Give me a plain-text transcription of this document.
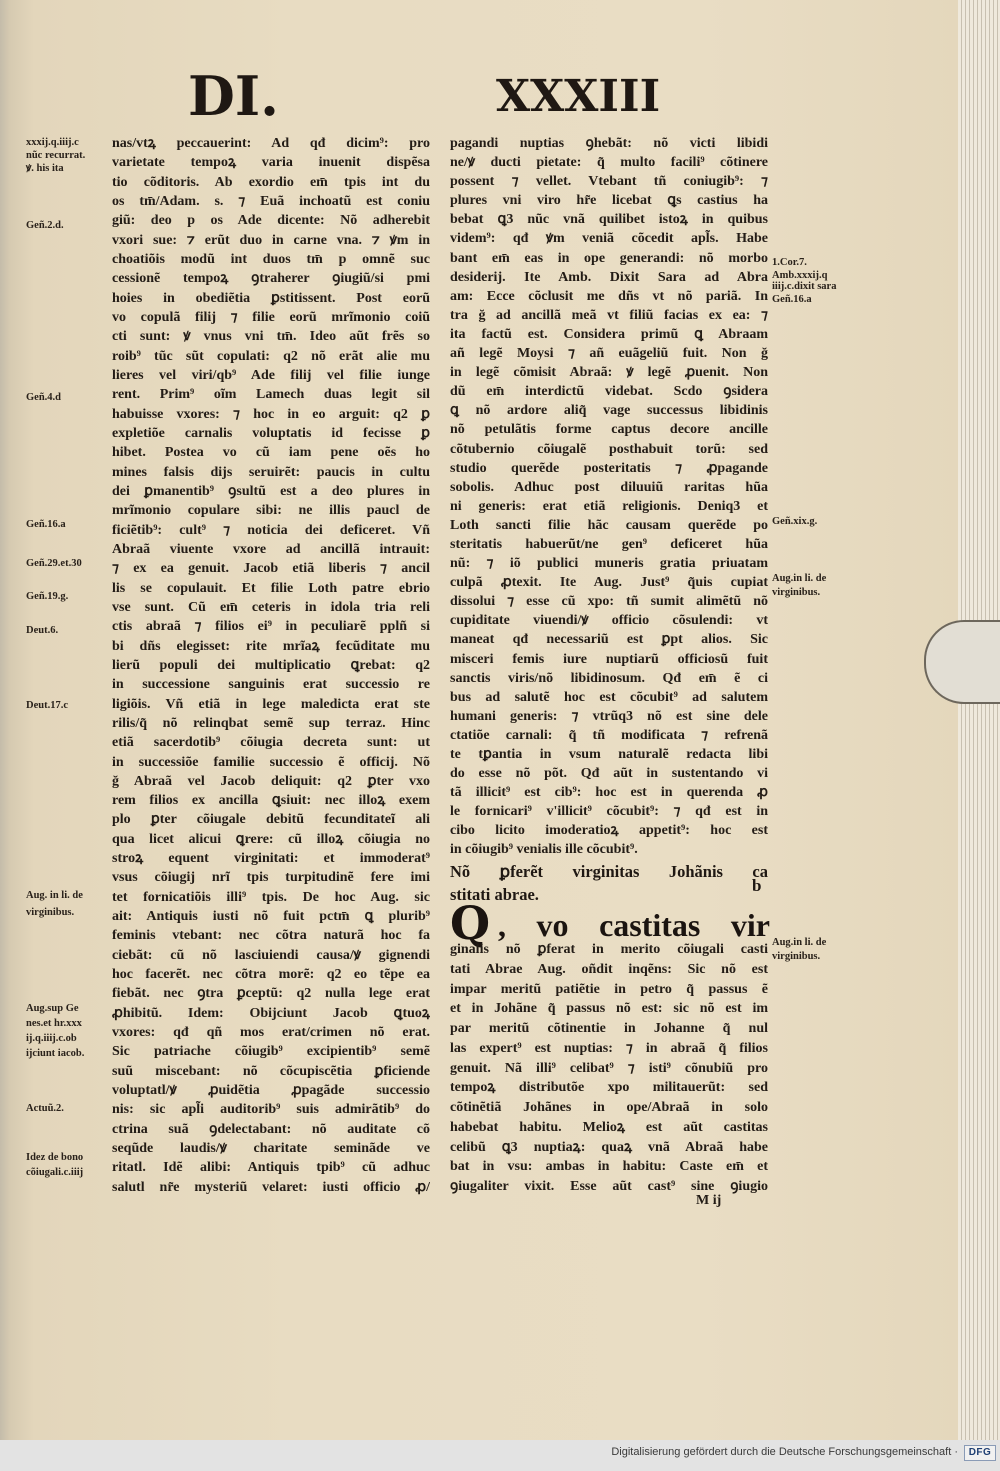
DI.	XXXIII
xxxij.q.iiij.c
nũc recurrat.
ꝟ. his ita
Geñ.2.d.
Geñ.4.d
Geñ.16.a
Geñ.29.et.30
Geñ.19.g.
Deut.6.
Deut.17.c
Aug. in li. de
virginibus.
Aug.sup Ge
nes.et hr.xxx
ij.q.iiij.c.ob
ijciunt iacob.
Actuũ.2.
Idez de bono
cõiugali.c.iiij
1.Cor.7.
Amb.xxxij.q
iiij.c.dixit sara
Geñ.16.a
Geñ.xix.g.
Aug.in li. de
virginibus.
Aug.in li. de
virginibus.
nas/vtꝝ peccauerint: Ad qđ dicim⁹: pro
varietate tempoꝝ varia inuenit dispẽsa
tio cõditoris. Ab exordio em̄ tpis int du
os tm̄/Adam. s. ⁊ Euã inchoatũ est coniu
giũ: deo p os Ade dicente: Nõ adherebit
vxori sue: ⁊ erũt duo in carne vna. ⁊ ꝟm in
choatiõis modũ int duos tm̄ p omnẽ suc
cessionẽ tempoꝝ ꝯtraherer ꝯiugiũ/si pmi
hoies in obediẽtia ꝑstitissent. Post eorũ
vo copulã filij ⁊ filie eorũ mrĩmonio coiũ
cti sunt: ꝟ vnus vni tm̄. Ideo aũt frẽs so
roib⁹ tũc sũt copulati: q2 nõ erãt alie mu
lieres vel viri/qb⁹ Ade filij vel filie iunge
rent. Prim⁹ oĩm Lamech duas legit sil
habuisse vxores: ⁊ hoc in eo arguit: q2 ꝑ
expletiõe carnalis voluptatis id fecisse ꝑ
hibet. Postea vo cũ iam pene oẽs ho
mines falsis dijs seruirẽt: paucis in cultu
dei ꝑmanentib⁹ ꝯsultũ est a deo plures in
mrĩmonio copulare sibi: ne illis paucl de
ficiẽtib⁹: cult⁹ ⁊ noticia dei deficeret. Vñ
Abraã viuente vxore ad ancillã intrauit:
⁊ ex ea genuit. Jacob etiã liberis ⁊ ancil
lis se copulauit. Et filie Loth patre ebrio
vse sunt. Cũ em̄ ceteris in idola tria reli
ctis abraã ⁊ filios ei⁹ in peculiarẽ pplñ si
bi dñs elegisset: rite mrĩaꝝ fecũditate mu
lierũ populi dei multiplicatio ꝗrebat: q2
in successione sanguinis erat successio re
ligiõis. Vñ etiã in lege maledicta erat ste
rilis/q̃ nõ relinqbat semẽ sup terraz. Hinc
etiã sacerdotib⁹ cõiugia decreta sunt: ut
in successiõe familie successio ẽ officij. Nõ
ğ Abraã vel Jacob deliquit: q2 ꝑter vxo
rem filios ex ancilla ꝗsiuit: nec illoꝝ exem
plo ꝑter cõiugale debitũ fecunditateĩ ali
qua licet alicui ꝗrere: cũ illoꝝ cõiugia no
stroꝝ equent virginitati: et immoderat⁹
vsus cõiugij nrĩ tpis turpitudinẽ fere imi
tet fornicatiõis illi⁹ tpis. De hoc Aug. sic
ait: Antiquis iusti nõ fuit pctm̄ ꝗ plurib⁹
feminis vtebant: nec cõtra naturã hoc fa
ciebãt: cũ nõ lasciuiendi causa/ꝟ gignendi
hoc facerẽt. nec cõtra morẽ: q2 eo tẽpe ea
fiebãt. nec ꝯtra ꝑceptũ: q2 nulla lege erat
ꝓhibitũ. Idem: Obijciunt Jacob ꝗtuoꝝ
vxores: qđ qñ mos erat/crimen nõ erat.
Sic patriache cõiugib⁹ excipientib⁹ semẽ
suũ miscebant: nõ cõcupiscẽtia ꝑficiende
voluptatl/ꝟ ꝓuidẽtia ꝓpagãde successio
nis: sic apl̃i auditorib⁹ suis admirãtib⁹ do
ctrina suã ꝯdelectabant: nõ auditate cõ
seqũde laudis/ꝟ charitate seminãde ve
ritatl. Idẽ alibi: Antiquis tpib⁹ cũ adhuc
salutl nr̃e mysteriũ velaret: iusti officio ꝓ/
pagandi nuptias ꝯhebãt: nõ victi libidi
ne/ꝟ ducti pietate: q̃ multo facili⁹ cõtinere
possent ⁊ vellet. Vtebant tñ coniugib⁹: ⁊
plures vni viro hr̃e licebat ꝗs castius ha
bebat ꝗ3 nũc vnã quilibet istoꝝ in quibus
videm⁹: qđ ꝟm veniã cõcedit apl̃s. Habe
bant em̄ eas in ope generandi: nõ morbo
desiderij. Ite Amb. Dixit Sara ad Abra
am: Ecce cõclusit me dñs vt nõ pariã. In
tra ğ ad ancillã meã vt filiũ facias ex ea: ⁊
ita factũ est. Considera primũ ꝗ Abraam
añ legẽ Moysi ⁊ añ euãgeliũ fuit. Non ğ
in legẽ cõmisit Abraã: ꝟ legẽ ꝓuenit. Non
dũ em̄ interdictũ videbat. Scdo ꝯsidera
ꝗ nõ ardore aliq̃ vage successus libidinis
nõ petulãtis forme captus decore ancille
cõtubernio cõiugalẽ posthabuit torũ: sed
studio querẽde posteritatis ⁊ ꝓpagande
sobolis. Adhuc post diluuiũ raritas hũa
ni generis: erat etiã religionis. Deniq3 et
Loth sancti filie hãc causam querẽde po
steritatis habuerũt/ne gen⁹ deficeret hũa
nũ: ⁊ iõ publici muneris gratia priuatam
culpã ꝓtexit. Ite Aug. Just⁹ q̃uis cupiat
dissolui ⁊ esse cũ xpo: tñ sumit alimẽtũ nõ
cupiditate viuendi/ꝟ officio cõsulendi: vt
maneat qđ necessariũ est ꝑpt alios. Sic
misceri femis iure nuptiarũ officiosũ fuit
sanctis viris/nõ libidinosum. Qđ em̄ ẽ ci
bus ad salutẽ hoc est cõcubit⁹ ad salutem
humani generis: ⁊ vtrũq3 nõ est sine dele
ctatiõe carnali: q̃ tñ modificata ⁊ refrenã
te tꝑantia in vsum naturalẽ redacta libi
do esse nõ põt. Qđ aũt in sustentando vi
tã illicit⁹ est cib⁹: hoc est in querenda ꝓ
le fornicari⁹ v'illicit⁹ cõcubit⁹: ⁊ qđ est in
cibo licito imoderatioꝝ appetit⁹: hoc est
in cõiugib⁹ venialis ille cõcubit⁹.
Nõ ꝑferẽt virginitas Johãnis ca
stitati abrae.	b
Q , vo castitas vir
ginalis nõ ꝑferat in merito cõiugali casti
tati Abrae Aug. oñdit inqẽns: Sic nõ est
impar meritũ patiẽtie in petro q̃ passus ẽ
et in Johãne q̃ passus nõ est: sic nõ est im
par meritũ cõtinentie in Johanne q̃ nul
las expert⁹ est nuptias: ⁊ in abraã q̃ filios
genuit. Nã illi⁹ celibat⁹ ⁊ isti⁹ cõnubiũ pro
tempoꝝ distributõe xpo militauerũt: sed
cõtinẽtiã Johãnes in ope/Abraã in solo
habebat habitu. Melioꝝ est aũt castitas
celibũ ꝗ3 nuptiaꝝ: quaꝝ vnã Abraã habe
bat in vsu: ambas in habitu: Caste em̄ et
ꝯiugaliter vixit. Esse aũt cast⁹ sine ꝯiugio
M ij
Digitalisierung gefördert durch die Deutsche Forschungsgemeinschaft ·	DFG
